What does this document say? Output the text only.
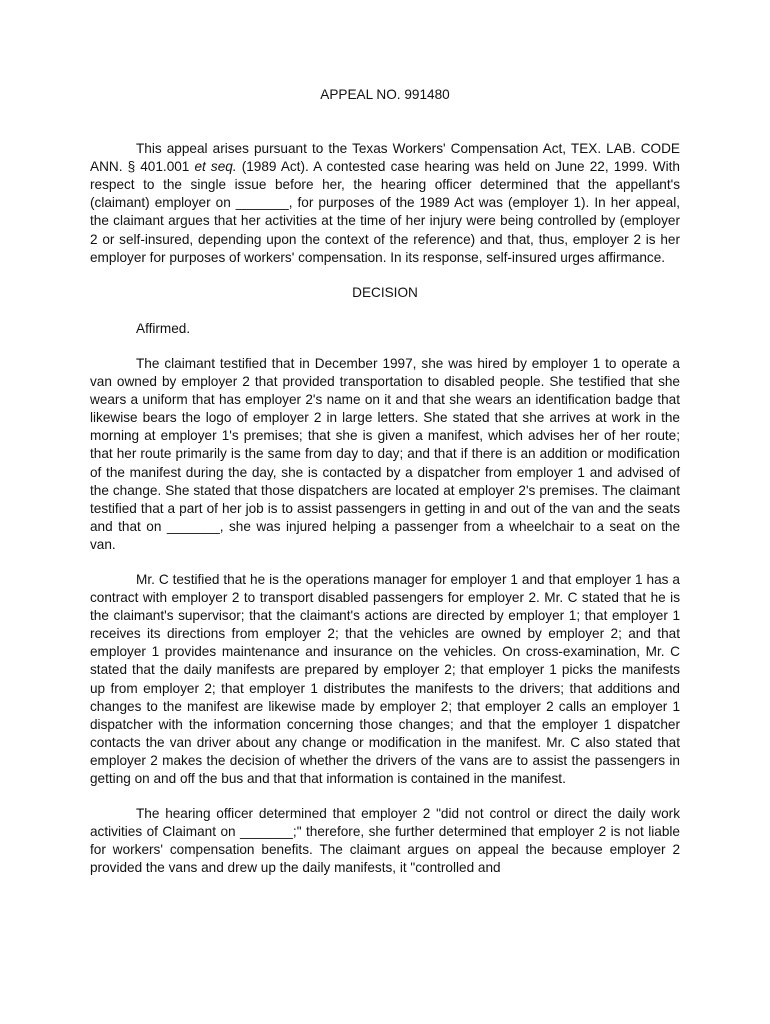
APPEAL NO. 991480

This appeal arises pursuant to the Texas Workers' Compensation Act, TEX. LAB. CODE ANN. § 401.001 et seq. (1989 Act). A contested case hearing was held on June 22, 1999. With respect to the single issue before her, the hearing officer determined that the appellant's (claimant) employer on _______, for purposes of the 1989 Act was (employer 1). In her appeal, the claimant argues that her activities at the time of her injury were being controlled by (employer 2 or self-insured, depending upon the context of the reference) and that, thus, employer 2 is her employer for purposes of workers' compensation. In its response, self-insured urges affirmance.

DECISION

Affirmed.

The claimant testified that in December 1997, she was hired by employer 1 to operate a van owned by employer 2 that provided transportation to disabled people. She testified that she wears a uniform that has employer 2's name on it and that she wears an identification badge that likewise bears the logo of employer 2 in large letters. She stated that she arrives at work in the morning at employer 1's premises; that she is given a manifest, which advises her of her route; that her route primarily is the same from day to day; and that if there is an addition or modification of the manifest during the day, she is contacted by a dispatcher from employer 1 and advised of the change. She stated that those dispatchers are located at employer 2's premises. The claimant testified that a part of her job is to assist passengers in getting in and out of the van and the seats and that on _______, she was injured helping a passenger from a wheelchair to a seat on the van.

Mr. C testified that he is the operations manager for employer 1 and that employer 1 has a contract with employer 2 to transport disabled passengers for employer 2. Mr. C stated that he is the claimant's supervisor; that the claimant's actions are directed by employer 1; that employer 1 receives its directions from employer 2; that the vehicles are owned by employer 2; and that employer 1 provides maintenance and insurance on the vehicles. On cross-examination, Mr. C stated that the daily manifests are prepared by employer 2; that employer 1 picks the manifests up from employer 2; that employer 1 distributes the manifests to the drivers; that additions and changes to the manifest are likewise made by employer 2; that employer 2 calls an employer 1 dispatcher with the information concerning those changes; and that the employer 1 dispatcher contacts the van driver about any change or modification in the manifest. Mr. C also stated that employer 2 makes the decision of whether the drivers of the vans are to assist the passengers in getting on and off the bus and that that information is contained in the manifest.

The hearing officer determined that employer 2 "did not control or direct the daily work activities of Claimant on _______;" therefore, she further determined that employer 2 is not liable for workers' compensation benefits. The claimant argues on appeal the because employer 2 provided the vans and drew up the daily manifests, it "controlled and
